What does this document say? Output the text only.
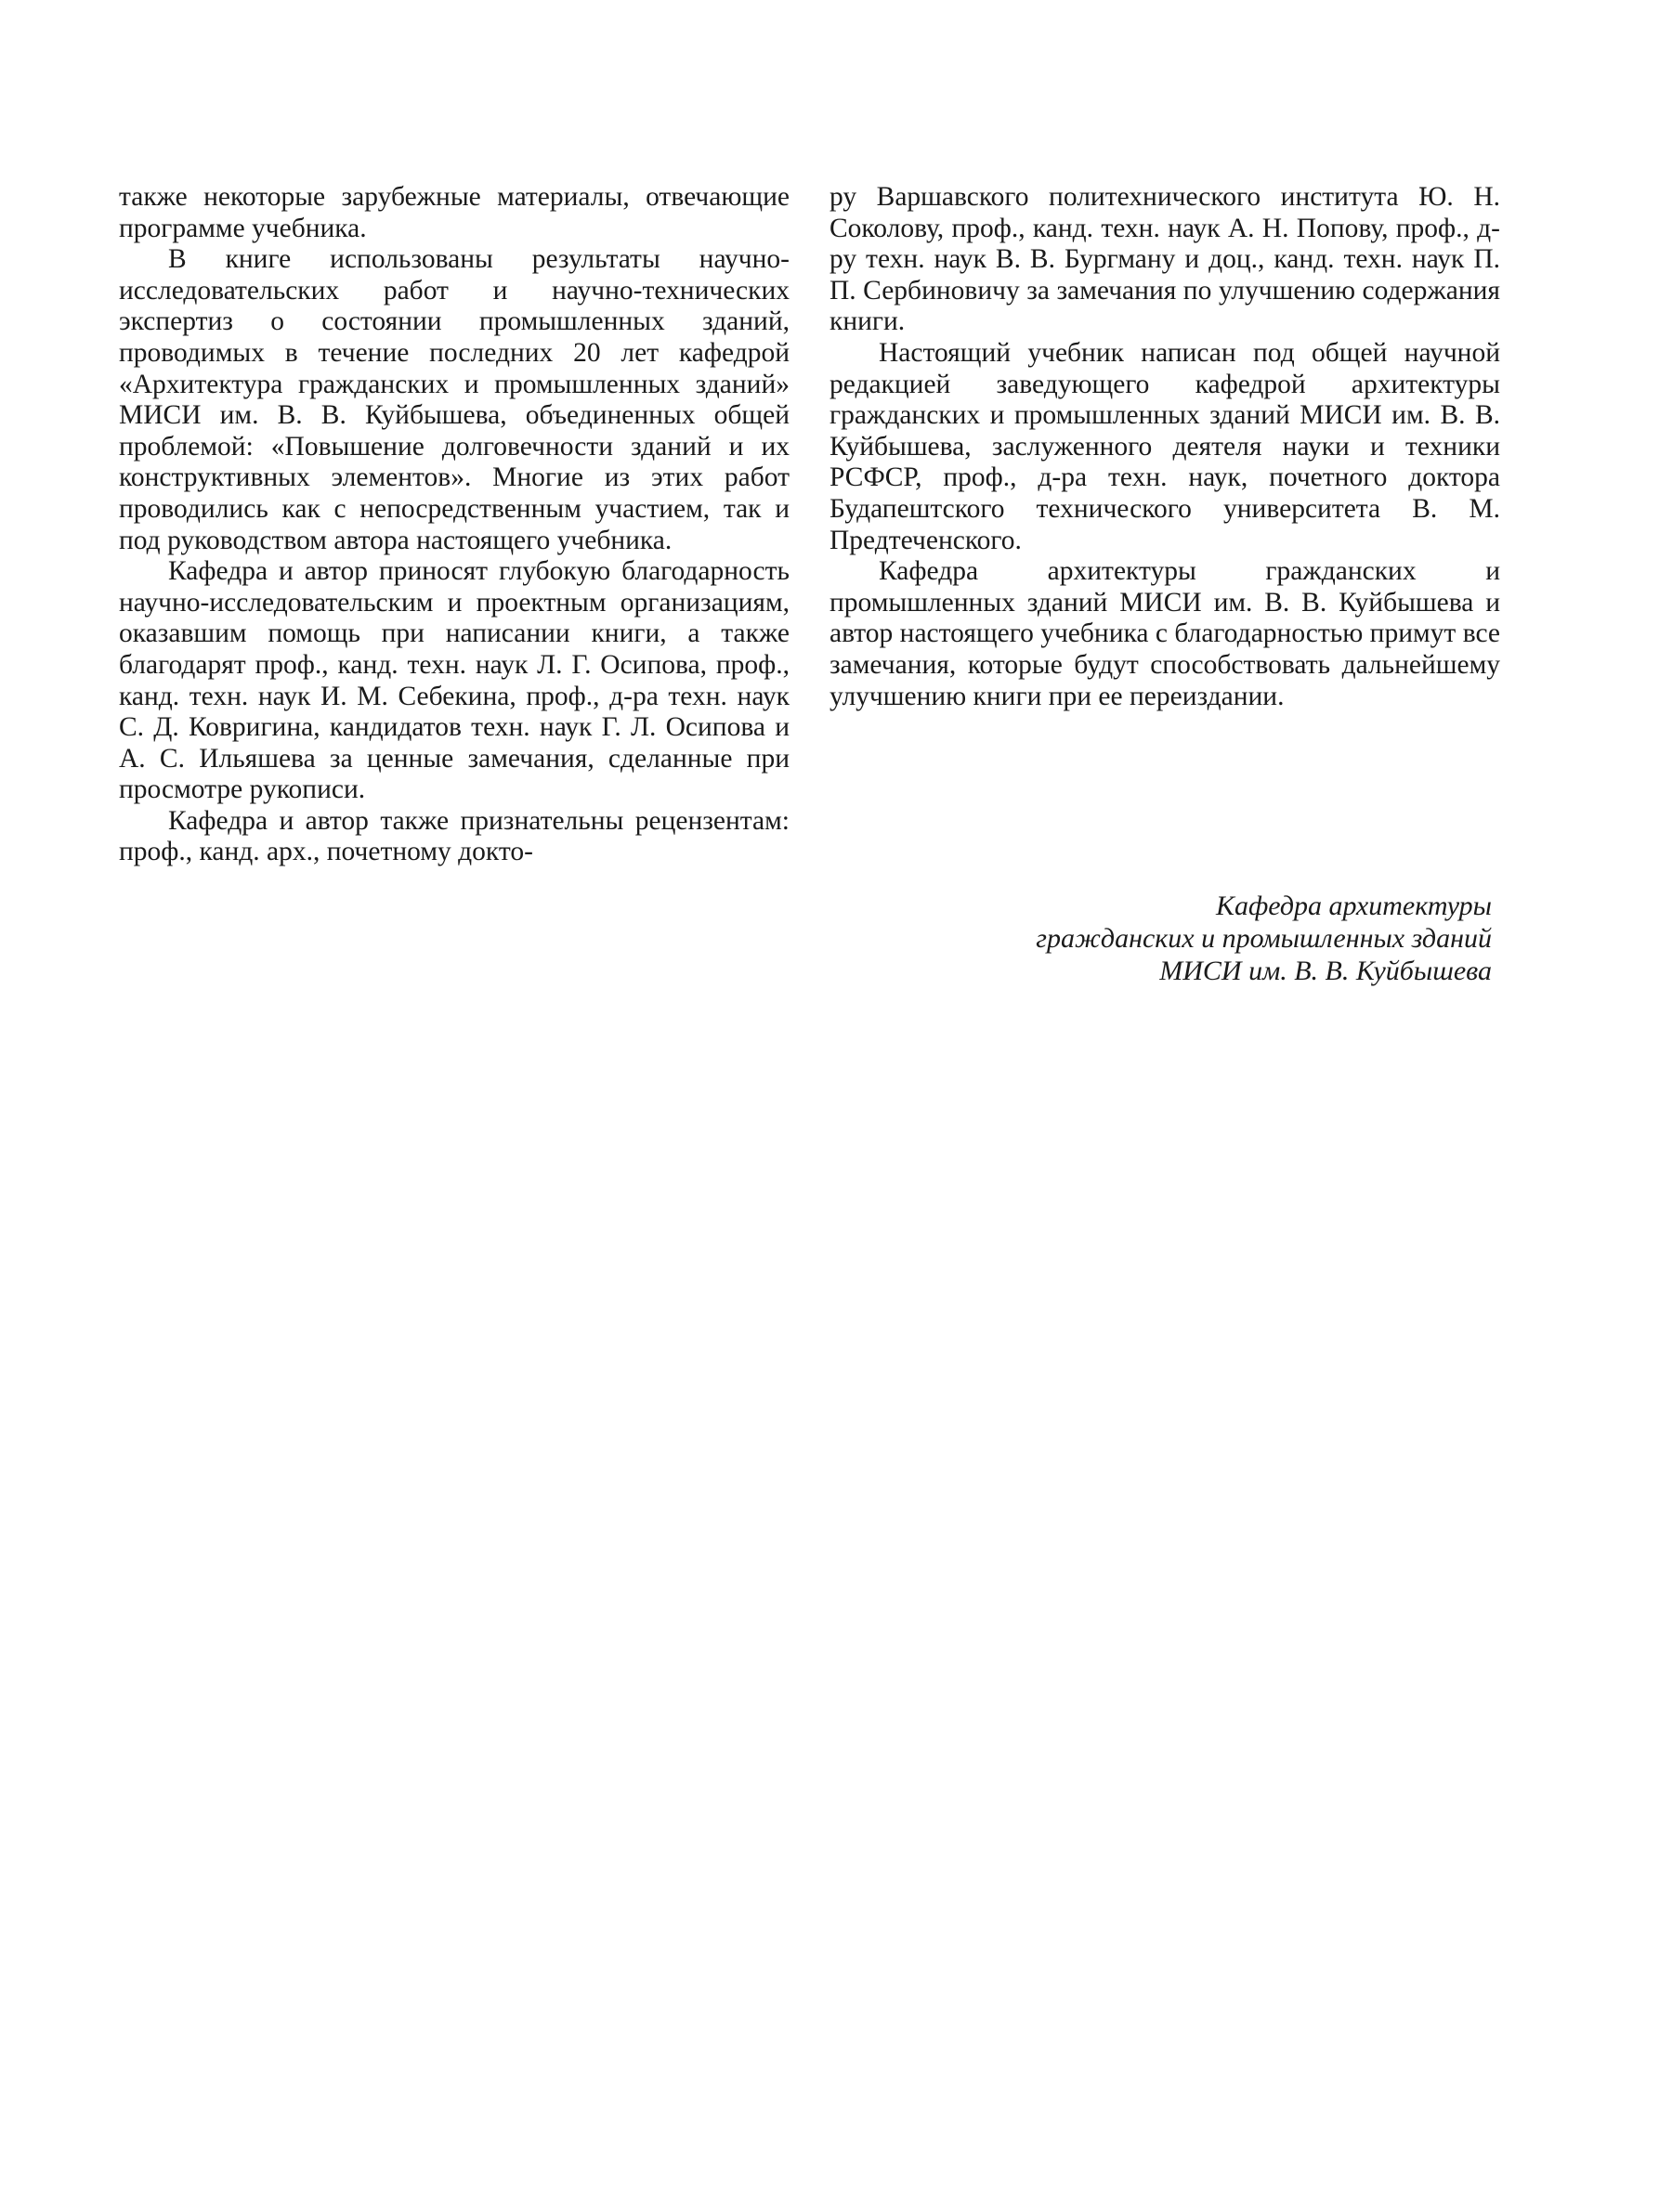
также некоторые зарубежные материалы, отвечающие программе учебника.

В книге использованы результаты научно-исследовательских работ и научно-технических экспертиз о состоянии промышленных зданий, проводимых в течение последних 20 лет кафедрой «Архитектура гражданских и промышленных зданий» МИСИ им. В. В. Куйбышева, объединенных общей проблемой: «Повышение долговечности зданий и их конструктивных элементов». Многие из этих работ проводились как с непосредственным участием, так и под руководством автора настоящего учебника.

Кафедра и автор приносят глубокую благодарность научно-исследовательским и проектным организациям, оказавшим помощь при написании книги, а также благодарят проф., канд. техн. наук Л. Г. Осипова, проф., канд. техн. наук И. М. Себекина, проф., д-ра техн. наук С. Д. Ковригина, кандидатов техн. наук Г. Л. Осипова и А. С. Ильяшева за ценные замечания, сделанные при просмотре рукописи.

Кафедра и автор также признательны рецензентам: проф., канд. арх., почетному докто-

ру Варшавского политехнического института Ю. Н. Соколову, проф., канд. техн. наук А. Н. Попову, проф., д-ру техн. наук В. В. Бургману и доц., канд. техн. наук П. П. Сербиновичу за замечания по улучшению содержания книги.

Настоящий учебник написан под общей научной редакцией заведующего кафедрой архитектуры гражданских и промышленных зданий МИСИ им. В. В. Куйбышева, заслуженного деятеля науки и техники РСФСР, проф., д-ра техн. наук, почетного доктора Будапештского технического университета В. М. Предтеченского.

Кафедра архитектуры гражданских и промышленных зданий МИСИ им. В. В. Куйбышева и автор настоящего учебника с благодарностью примут все замечания, которые будут способствовать дальнейшему улучшению книги при ее переиздании.

Кафедра архитектуры
гражданских и промышленных зданий
МИСИ им. В. В. Куйбышева
